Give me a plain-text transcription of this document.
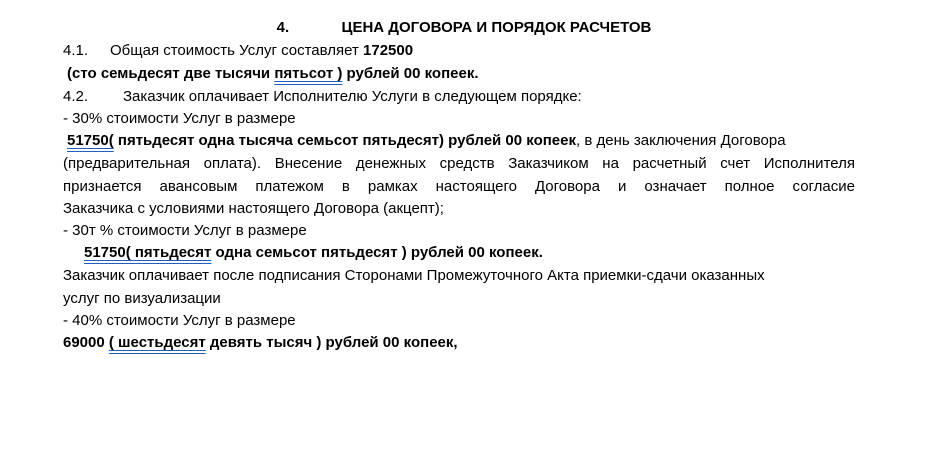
4.	ЦЕНА ДОГОВОРА И ПОРЯДОК РАСЧЕТОВ
4.1. Общая стоимость Услуг составляет 172500
(сто семьдесят две тысячи пятьсот ) рублей 00 копеек.
4.2. Заказчик оплачивает Исполнителю Услуги в следующем порядке:
- 30% стоимости Услуг в размере
51750( пятьдесят одна тысяча семьсот пятьдесят) рублей 00 копеек, в день заключения Договора
(предварительная оплата). Внесение денежных средств Заказчиком на расчетный счет Исполнителя
признается авансовым платежом в рамках настоящего Договора и означает полное согласие
Заказчика с условиями настоящего Договора (акцепт);
- 30т % стоимости Услуг в размере
51750( пятьдесят одна семьсот пятьдесят ) рублей 00 копеек.
Заказчик оплачивает после подписания Сторонами Промежуточного Акта приемки-сдачи оказанных
услуг по визуализации
- 40% стоимости Услуг в размере
69000 ( шестьдесят девять тысяч ) рублей 00 копеек,
